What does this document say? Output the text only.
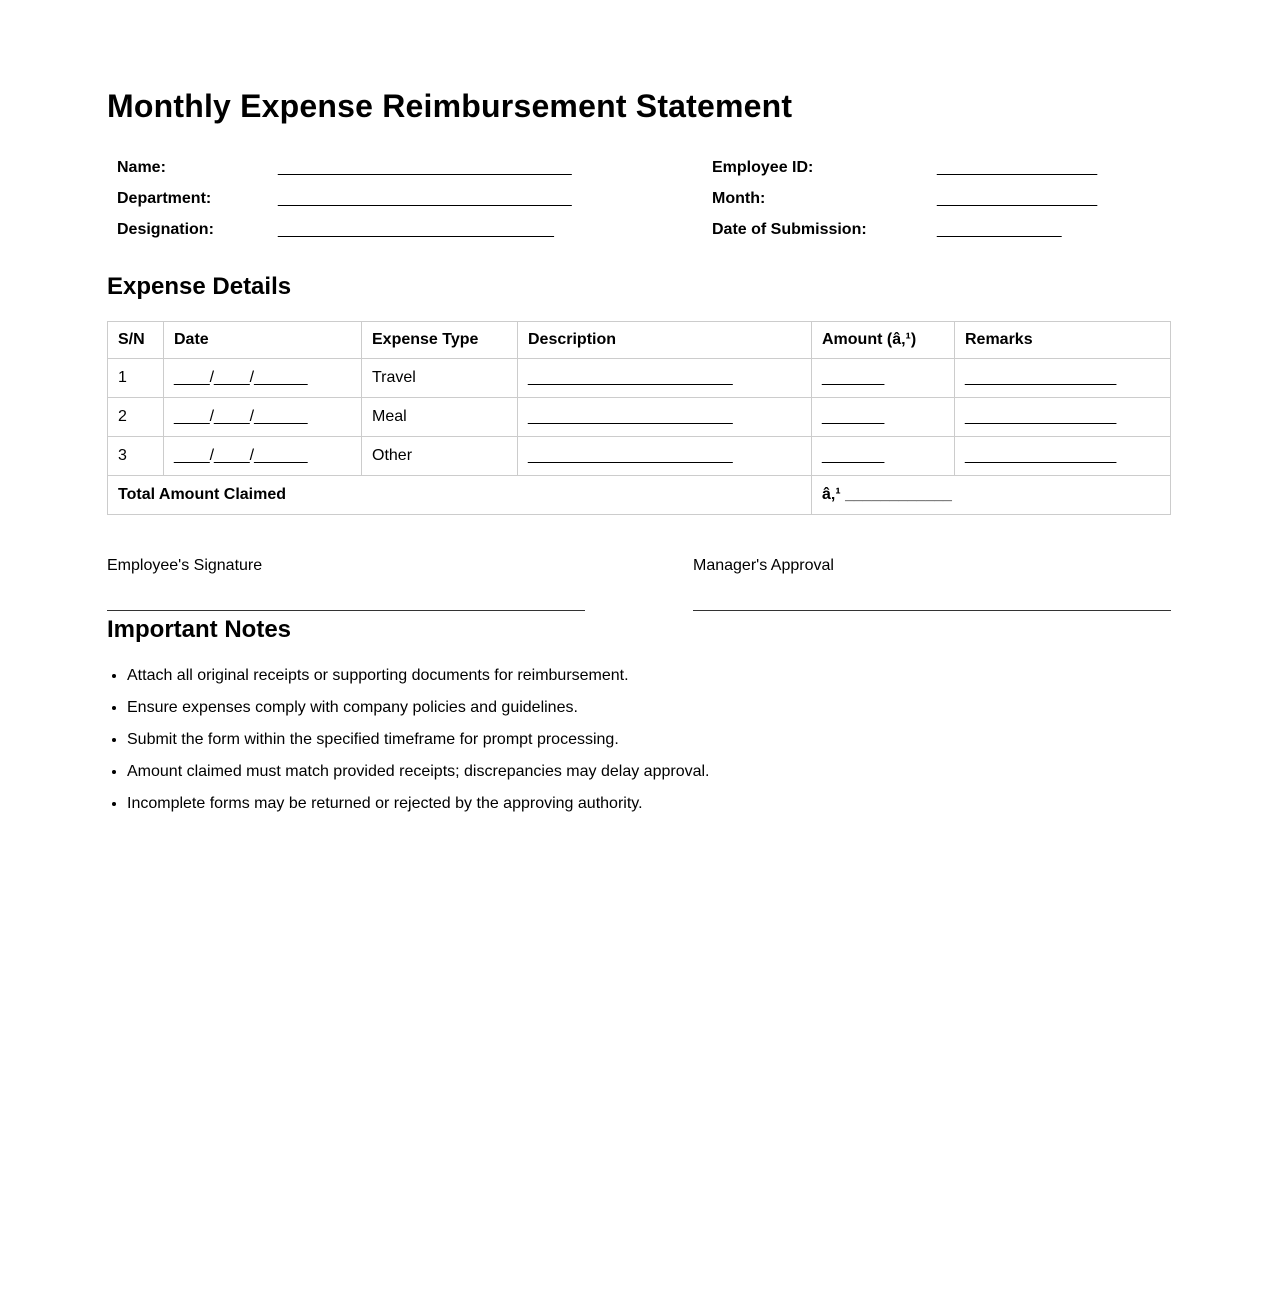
Monthly Expense Reimbursement Statement
Name:	_________________________________	Employee ID:	__________________
Department:	_________________________________	Month:	__________________
Designation:	_______________________________	Date of Submission:	______________
Expense Details
S/N	Date	Expense Type	Description	Amount (â‚¹)	Remarks
1	____/____/______	Travel	_______________________	_______	_________________
2	____/____/______	Meal	_______________________	_______	_________________
3	____/____/______	Other	_______________________	_______	_________________
Total Amount Claimed				â‚¹ ____________	
Employee's Signature	Manager's Approval
Important Notes
• Attach all original receipts or supporting documents for reimbursement.
• Ensure expenses comply with company policies and guidelines.
• Submit the form within the specified timeframe for prompt processing.
• Amount claimed must match provided receipts; discrepancies may delay approval.
• Incomplete forms may be returned or rejected by the approving authority.
